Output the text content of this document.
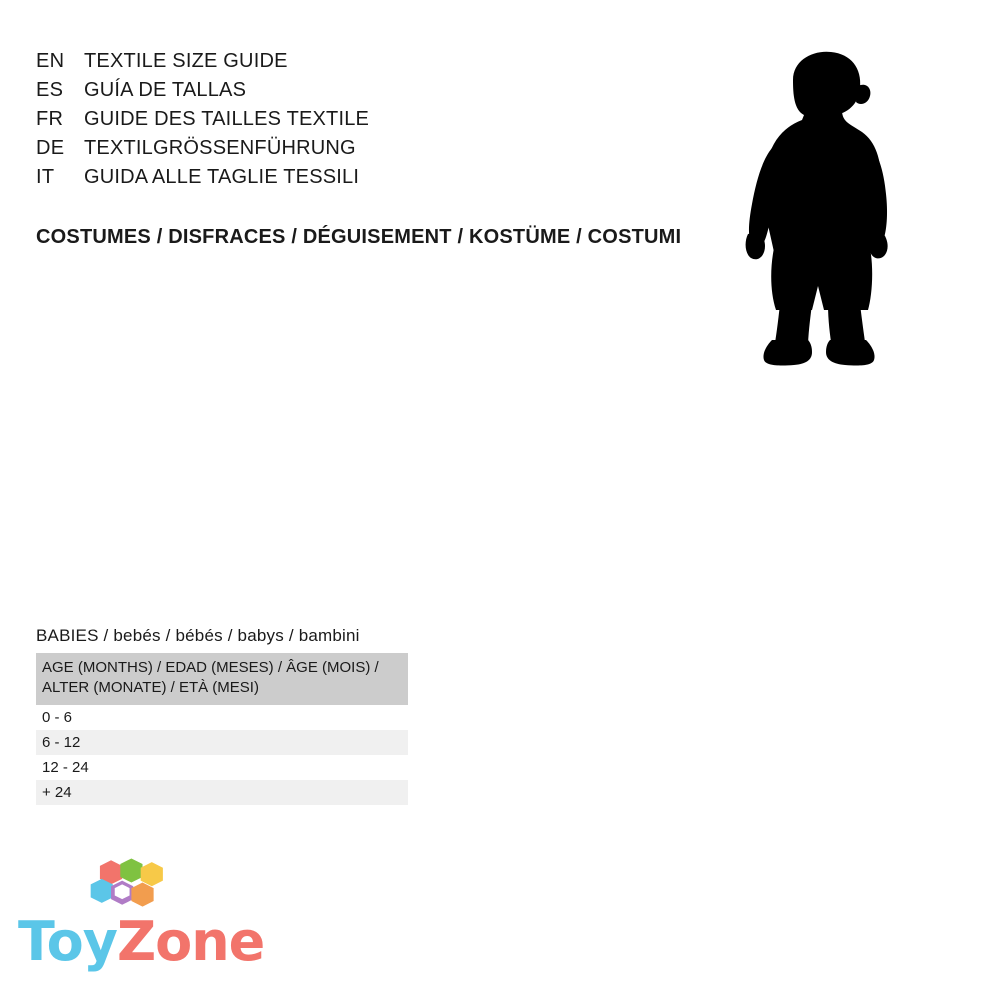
EN TEXTILE SIZE GUIDE
ES	GUÍA DE TALLAS
FR	GUIDE DES TAILLES TEXTILE
DE TEXTILGRÖSSENFÜHRUNG
IT	GUIDA ALLE TAGLIE TESSILI
COSTUMES / DISFRACES / DÉGUISEMENT / KOSTÜME / COSTUMI
BABIES / bebés / bébés / babys / bambini
AGE (MONTHS) / EDAD (MESES) / ÂGE (MOIS) / ALTER (MONATE) / ETÀ (MESI)
0 - 6
6 - 12
12 - 24
+ 24
ToyZone
